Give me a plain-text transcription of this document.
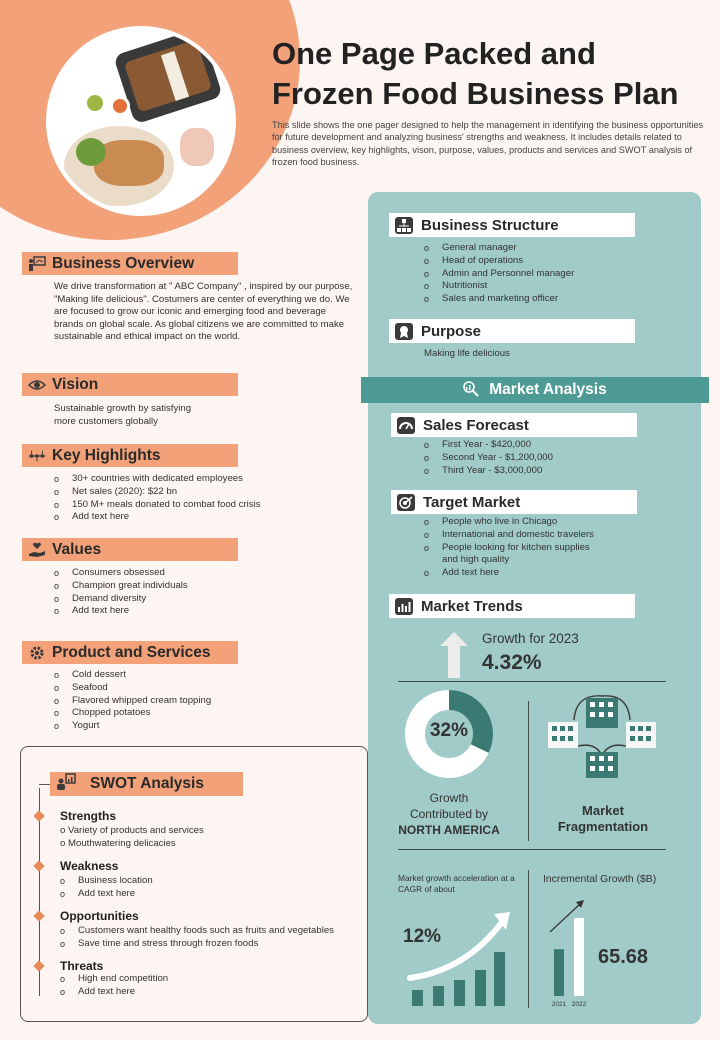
One Page Packed and
Frozen Food Business Plan
This slide shows the one pager designed to help the management in identifying the business opportunities for future development and analyzing business' strengths and weakness. It includes details related to business overview, key highlights, vison, purpose, values, products and services and SWOT analysis of frozen food business.
Business Overview
We drive transformation at " ABC Company" , inspired by our purpose, "Making life delicious". Costumers are center of everything we do. We are focused to grow our iconic and emerging food and beverage brands on global scale. As global citizens we are committed to make sustainable and ethical impact on the world.
Vision
Sustainable growth by satisfying
more customers globally
Key Highlights
o 30+ countries with dedicated employees
o Net sales (2020): $22 bn
o 150 M+ meals donated to combat food crisis
o Add text here
Values
o Consumers obsessed
o Champion great individuals
o Demand diversity
o Add text here
Product and Services
o Cold dessert
o Seafood
o Flavored whipped cream topping
o Chopped potatoes
o Yogurt
SWOT Analysis
Strengths
o Variety of products and services
o Mouthwatering delicacies
Weakness
o Business location
o Add text here
Opportunities
o Customers want healthy foods such as fruits and vegetables
o Save time and stress through frozen foods
Threats
o High end competition
o Add text here
Business Structure
o General manager
o Head of operations
o Admin and Personnel manager
o Nutritionist
o Sales and marketing officer
Purpose
Making life delicious
Market Analysis
Sales Forecast
o First Year - $420,000
o Second Year - $1,200,000
o Third Year - $3,000,000
Target Market
o People who live in Chicago
o International and domestic travelers
o People looking for kitchen supplies
and high quality
o Add text here
Market Trends
Growth for 2023
4.32%
32%
Growth
Contributed by
NORTH AMERICA
Market
Fragmentation
Market growth acceleration at a CAGR of about
12%
Incremental Growth ($B)
2021 2022
65.68
